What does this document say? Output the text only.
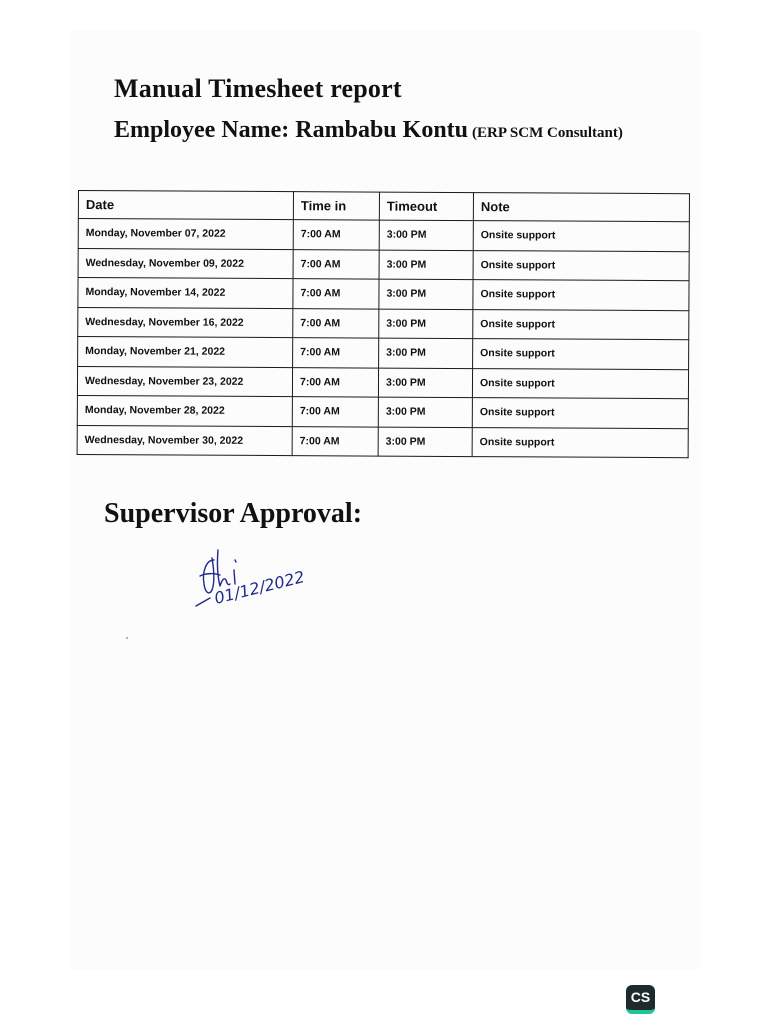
Manual Timesheet report
Employee Name: Rambabu Kontu (ERP SCM Consultant)
Date	Time in	Timeout	Note
Monday, November 07, 2022	7:00 AM	3:00 PM	Onsite support
Wednesday, November 09, 2022	7:00 AM	3:00 PM	Onsite support
Monday, November 14, 2022	7:00 AM	3:00 PM	Onsite support
Wednesday, November 16, 2022	7:00 AM	3:00 PM	Onsite support
Monday, November 21, 2022	7:00 AM	3:00 PM	Onsite support
Wednesday, November 23, 2022	7:00 AM	3:00 PM	Onsite support
Monday, November 28, 2022	7:00 AM	3:00 PM	Onsite support
Wednesday, November 30, 2022	7:00 AM	3:00 PM	Onsite support
Supervisor Approval:
01/12/2022
CS
